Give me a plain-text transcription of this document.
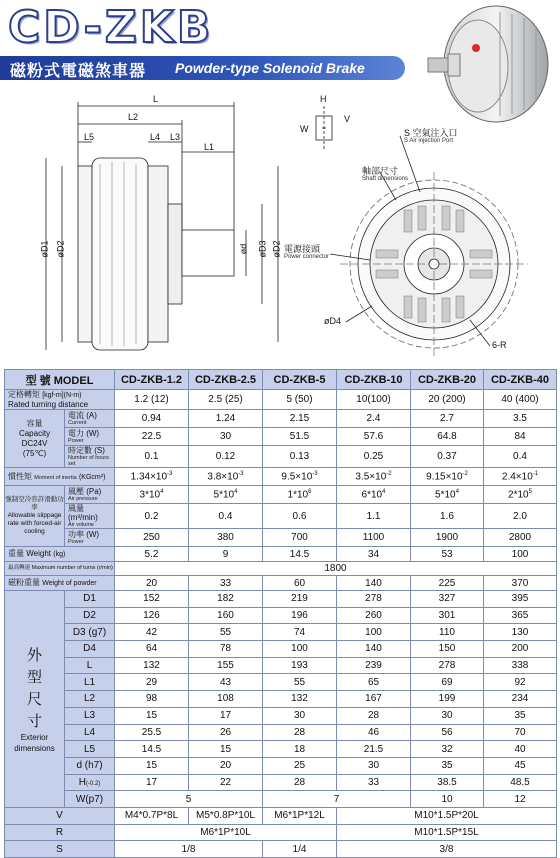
CD-ZKB
磁粉式電磁煞車器 Powder-type Solenoid Brake
L
L2
L5	L4 L3
L1
øD1 øD2	ød øD3 øD2
H
V
W	S 空氣注入口
S Air injection Port
軸部尺寸
Shaft dimensions
電源接頭
Power connector
øD4
6-R
型 號 MODEL		CD-ZKB-1.2	CD-ZKB-2.5	CD-ZKB-5	CD-ZKB-10	CD-ZKB-20	CD-ZKB-40
定格轉矩 [kgf-m](N-m)
Rated turning distance		1.2 (12)	2.5 (25)	5 (50)	10(100)	20 (200)	40 (400)
容量
Capacity
DC24V
(75℃)	電流 (A)
Current	0.94	1.24	2.15	2.4	2.7	3.5
	電力 (W)
Power	22.5	30	51.5	57.6	64.8	84
	時定數 (S)
Number of hours set	0.1	0.12	0.13	0.25	0.37	0.4
慣性矩 Moment of inertia (KGcm²)		$1.34\times 10^{-3}$	$3.8\times 10^{-3}$	$9.5\times 10^{-3}$	$3.5\times 10^{-2}$	$9.15\times 10^{-2}$	$2.4\times 10^{-1}$
強制空冷容許滑動功率
Allowable slippage rate with forced-air cooling	風壓 (Pa)
Air pressure	$3*10^4$	$5*10^4$	$1*10^6$	$6*10^4$	$5*10^4$	$2*10^5$
	風量 (m³/min)
Air volume	0.2	0.4	0.6	1.1	1.6	2.0
	功率 (W)
Power	250	380	700	1100	1900	2800
重量 Weight (kg)		5.2	9	14.5	34	53	100
最高轉速 Maximum number of turns (r/min)		1800					
磁粉重量 Weight of powder		20	33	60	140	225	370

外
型
尺
寸
Exterior dimensions	D1	152	182	219	278	327	395
	D2	126	160	196	260	301	365
	D3 (g7)	42	55	74	100	110	130
	D4	64	78	100	140	150	200
	L	132	155	193	239	278	338
	L1	29	43	55	65	69	92
	L2	98	108	132	167	199	234
	L3	15	17	30	28	30	35
	L4	25.5	26	28	46	56	70
	L5	14.5	15	18	21.5	32	40
	d (h7)	15	20	25	30	35	45
	H(-0.2)	17	22	28	33	38.5	48.5
	W(p7)	5		7		10	12
V		M4*0.7P*8L	M5*0.8P*10L	M6*1P*12L	M10*1.5P*20L		
R		M6*1P*10L			M10*1.5P*15L		
S		1/8		1/4	3/8		
